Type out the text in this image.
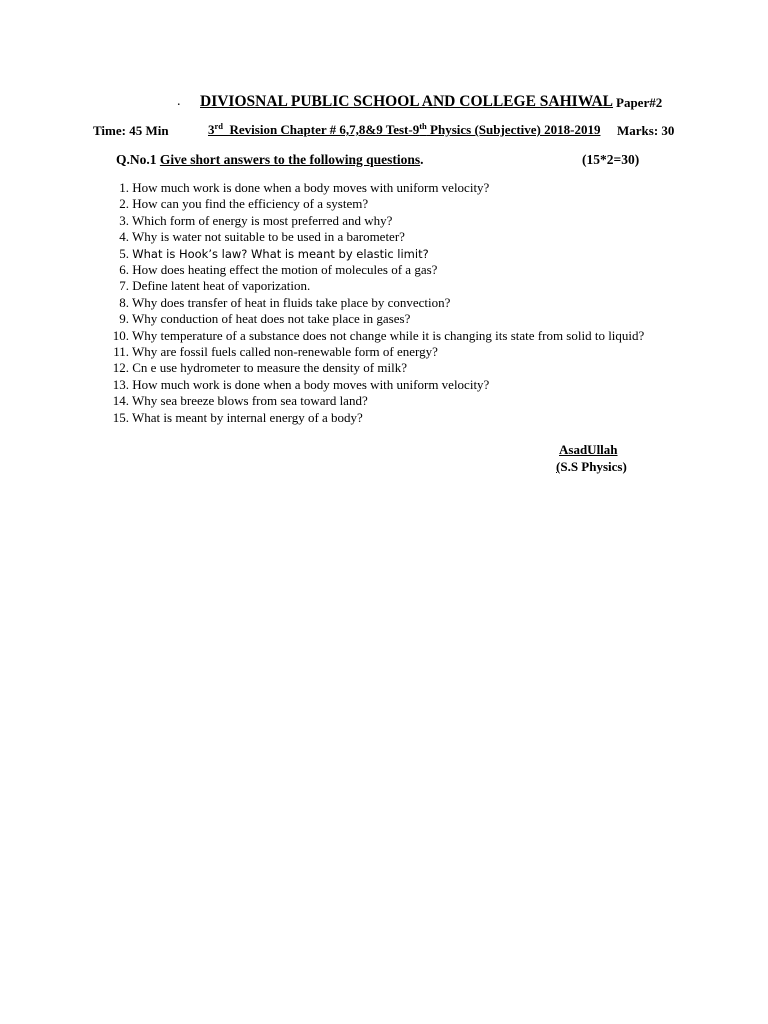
. DIVIOSNAL PUBLIC SCHOOL AND COLLEGE SAHIWAL Paper#2
Time: 45 Min	3rd  Revision Chapter # 6,7,8&9 Test-9th Physics (Subjective) 2018-2019 Marks: 30
Q.No.1 Give short answers to the following questions.	(15*2=30)
1. How much work is done when a body moves with uniform velocity?
2. How can you find the efficiency of a system?
3. Which form of energy is most preferred and why?
4. Why is water not suitable to be used in a barometer?
5. What is Hook’s law? What is meant by elastic limit?
6. How does heating effect the motion of molecules of a gas?
7. Define latent heat of vaporization.
8. Why does transfer of heat in fluids take place by convection?
9. Why conduction of heat does not take place in gases?
10. Why temperature of a substance does not change while it is changing its state from solid to liquid?
11. Why are fossil fuels called non-renewable form of energy?
12. Cn e use hydrometer to measure the density of milk?
13. How much work is done when a body moves with uniform velocity?
14. Why sea breeze blows from sea toward land?
15. What is meant by internal energy of a body?
AsadUllah
(S.S Physics)
